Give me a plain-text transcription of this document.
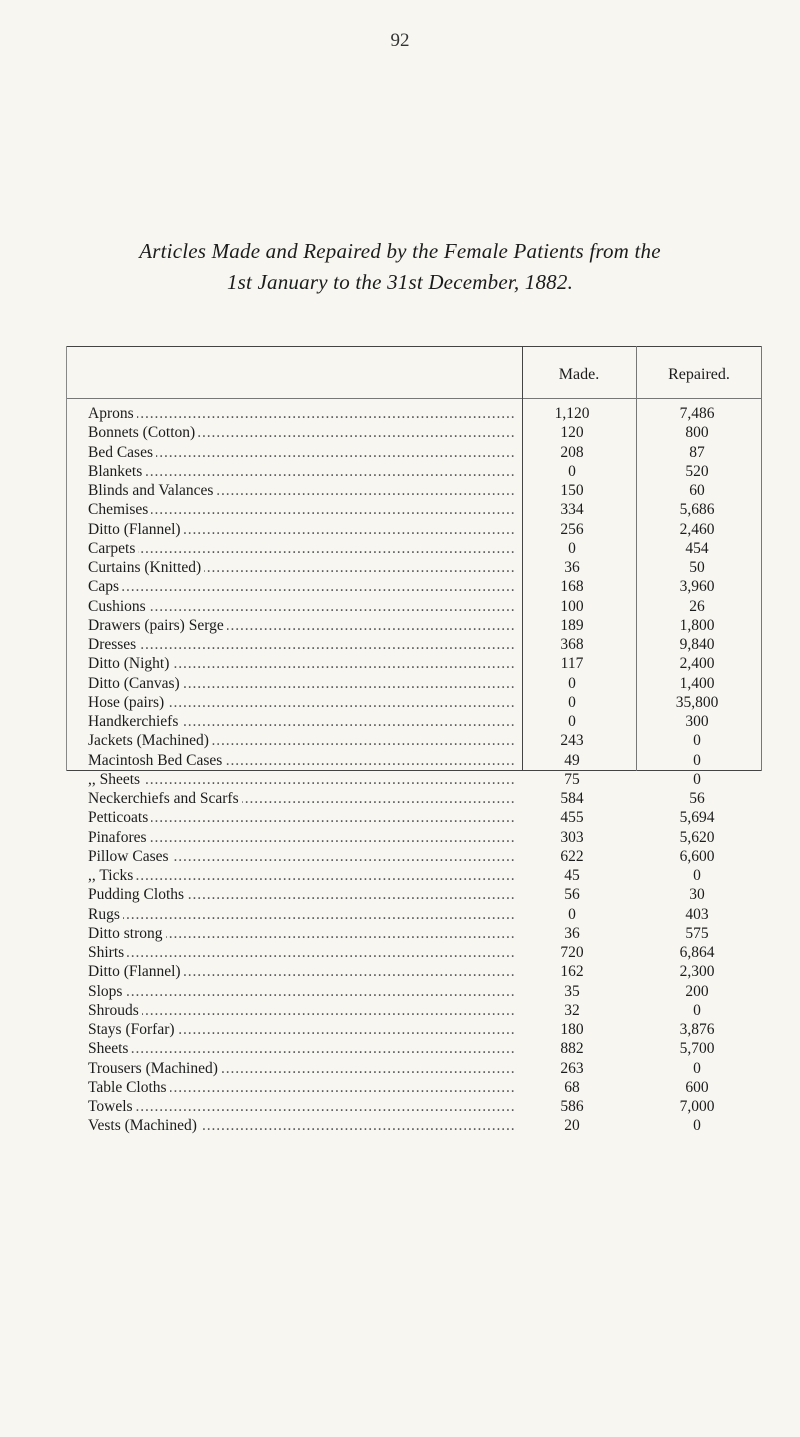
92
Articles Made and Repaired by the Female Patients from the
1st January to the 31st December, 1882.
Made.	Repaired.
Aprons . . .	1,120	7,486
Bonnets (Cotton) . . .	120	800
Bed Cases . . .	208	87
Blankets . . .	0	520
Blinds and Valances . . .	150	60
Chemises . . .	334	5,686
Ditto (Flannel) . . .	256	2,460
Carpets . . .	0	454
Curtains (Knitted) . . .	36	50
Caps . . .	168	3,960
Cushions . . .	100	26
Drawers (pairs) Serge . . .	189	1,800
Dresses . . .	368	9,840
Ditto (Night) . . .	117	2,400
Ditto (Canvas) . . .	0	1,400
Hose (pairs) . . .	0	35,800
Handkerchiefs . . .	0	300
Jackets (Machined) . . .	243	0
Macintosh Bed Cases . . .	49	0
,, Sheets . . .	75	0
Neckerchiefs and Scarfs . . .	584	56
Petticoats . . .	455	5,694
Pinafores . . .	303	5,620
Pillow Cases . . .	622	6,600
,, Ticks . . .	45	0
Pudding Cloths . . .	56	30
Rugs . . .	0	403
Ditto strong . . .	36	575
Shirts . . .	720	6,864
Ditto (Flannel) . . .	162	2,300
Slops . . .	35	200
Shrouds . . .	32	0
Stays (Forfar) . . .	180	3,876
Sheets . . .	882	5,700
Trousers (Machined) . . .	263	0
Table Cloths . . .	68	600
Towels . . .	586	7,000
Vests (Machined) . . .	20	0
